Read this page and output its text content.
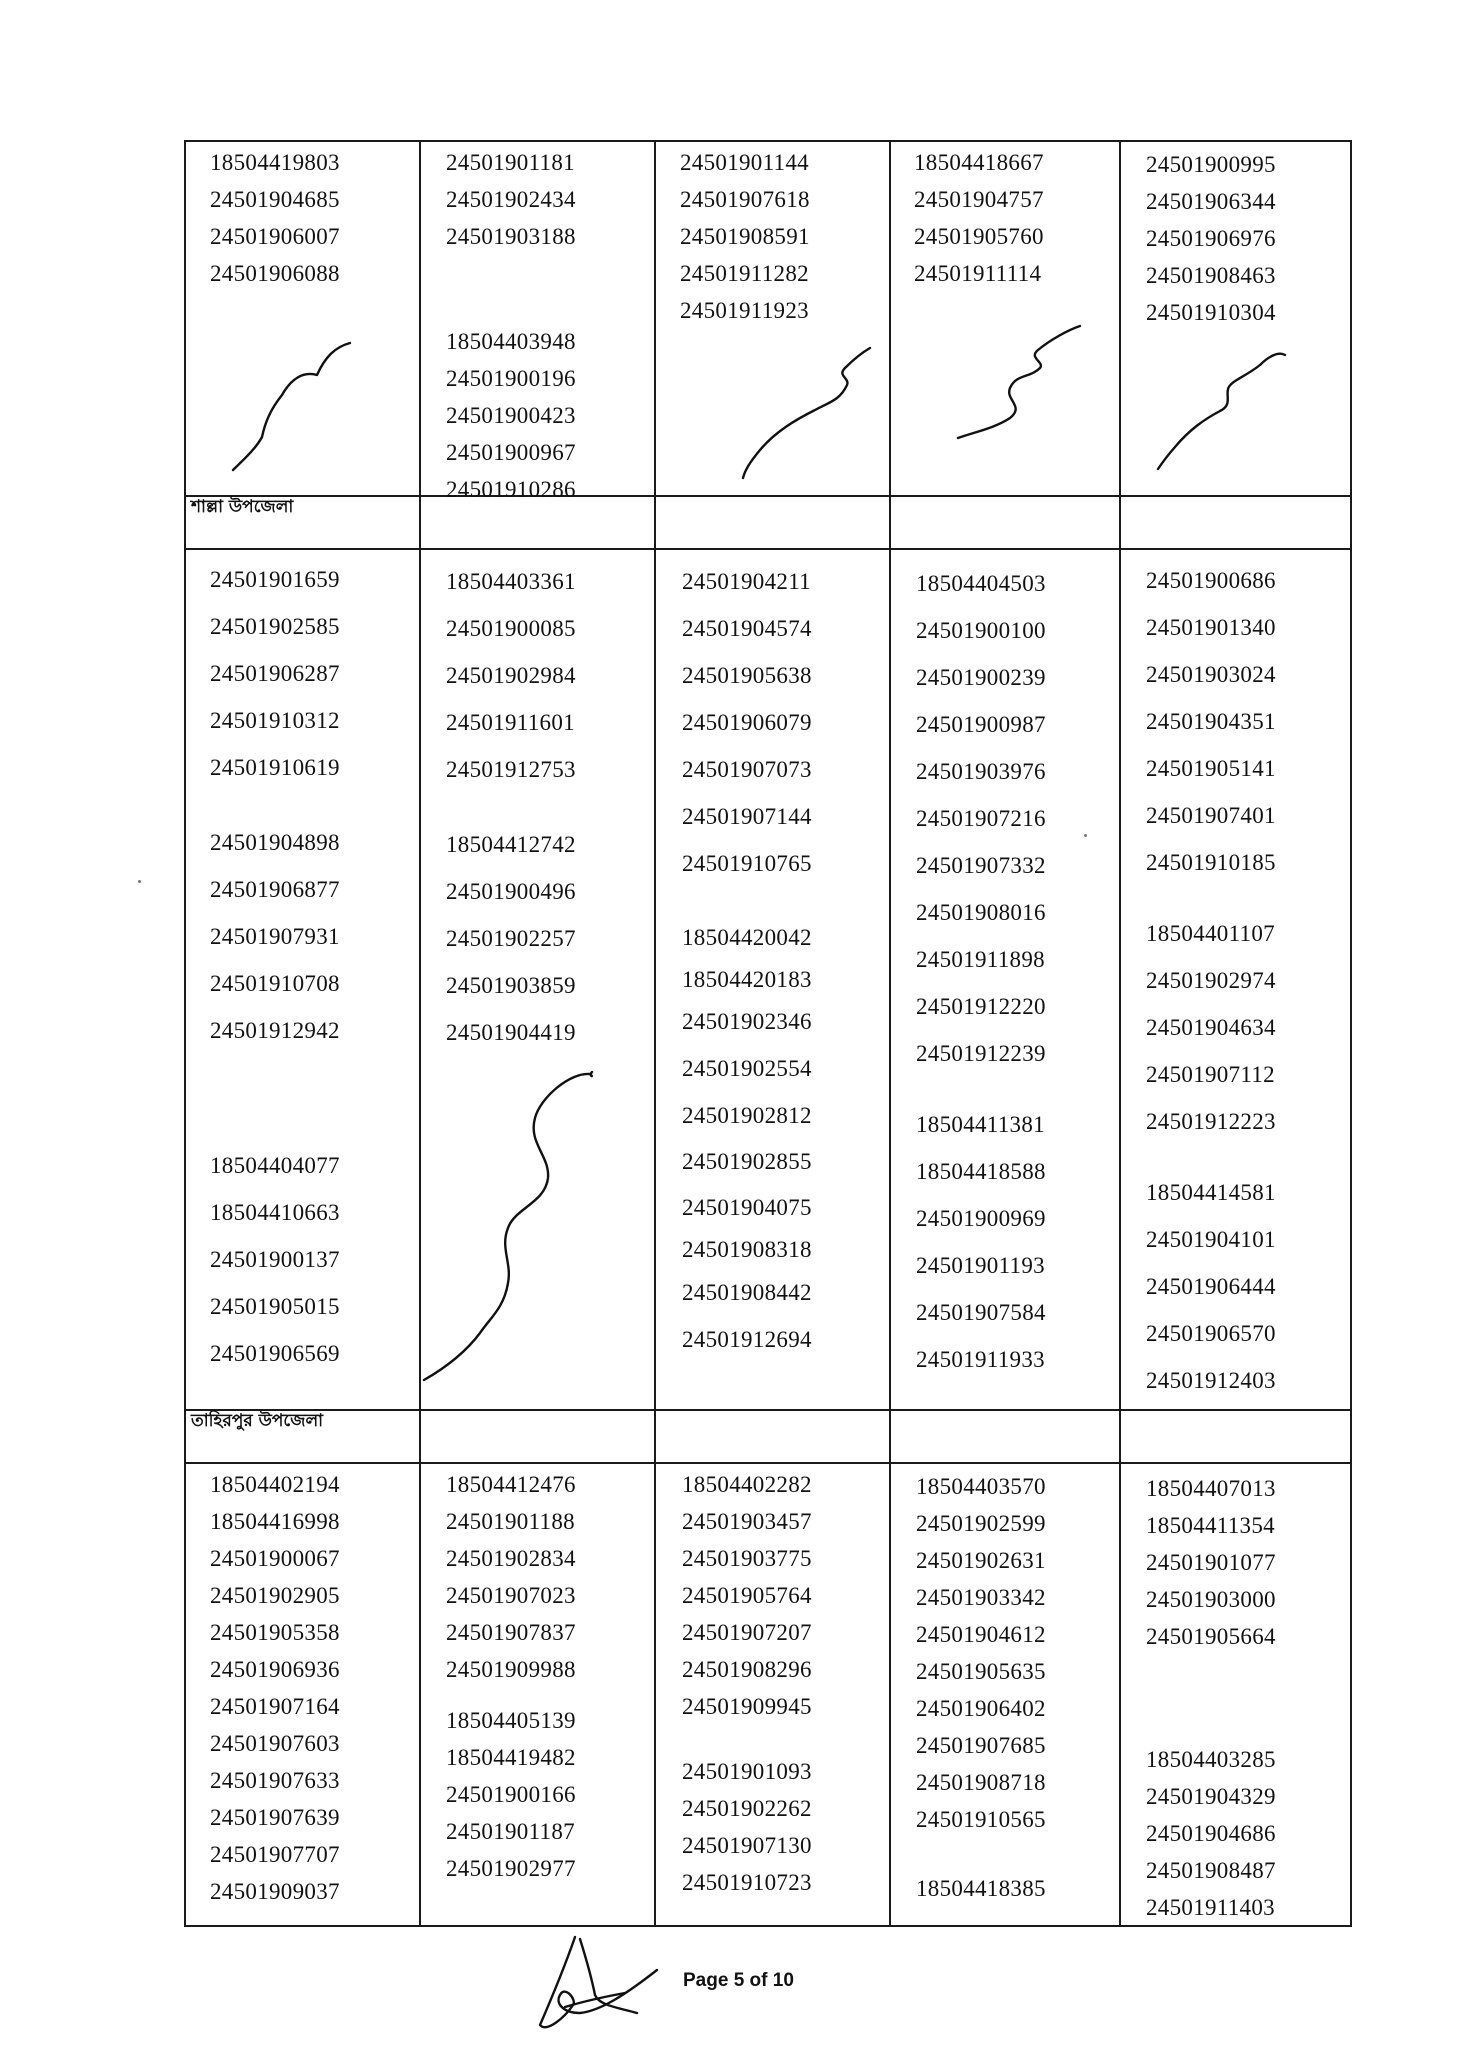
18504419803
24501904685
24501906007
24501906088
24501901181
24501902434
24501903188
18504403948
24501900196
24501900423
24501900967
24501910286
24501901144
24501907618
24501908591
24501911282
24501911923
18504418667
24501904757
24501905760
24501911114
24501900995
24501906344
24501906976
24501908463
24501910304
শাল্লা উপজেলা
24501901659
24501902585
24501906287
24501910312
24501910619
24501904898
24501906877
24501907931
24501910708
24501912942
18504404077
18504410663
24501900137
24501905015
24501906569
18504403361
24501900085
24501902984
24501911601
24501912753
18504412742
24501900496
24501902257
24501903859
24501904419
24501904211
24501904574
24501905638
24501906079
24501907073
24501907144
24501910765
18504420042
18504420183
24501902346
24501902554
24501902812
24501902855
24501904075
24501908318
24501908442
24501912694
18504404503
24501900100
24501900239
24501900987
24501903976
24501907216
24501907332
24501908016
24501911898
24501912220
24501912239
18504411381
18504418588
24501900969
24501901193
24501907584
24501911933
24501900686
24501901340
24501903024
24501904351
24501905141
24501907401
24501910185
18504401107
24501902974
24501904634
24501907112
24501912223
18504414581
24501904101
24501906444
24501906570
24501912403
তাহিরপুর উপজেলা
18504402194
18504416998
24501900067
24501902905
24501905358
24501906936
24501907164
24501907603
24501907633
24501907639
24501907707
24501909037
18504412476
24501901188
24501902834
24501907023
24501907837
24501909988
18504405139
18504419482
24501900166
24501901187
24501902977
18504402282
24501903457
24501903775
24501905764
24501907207
24501908296
24501909945
24501901093
24501902262
24501907130
24501910723
18504403570
24501902599
24501902631
24501903342
24501904612
24501905635
24501906402
24501907685
24501908718
24501910565
18504418385
18504407013
18504411354
24501901077
24501903000
24501905664
18504403285
24501904329
24501904686
24501908487
24501911403
Page 5 of 10
